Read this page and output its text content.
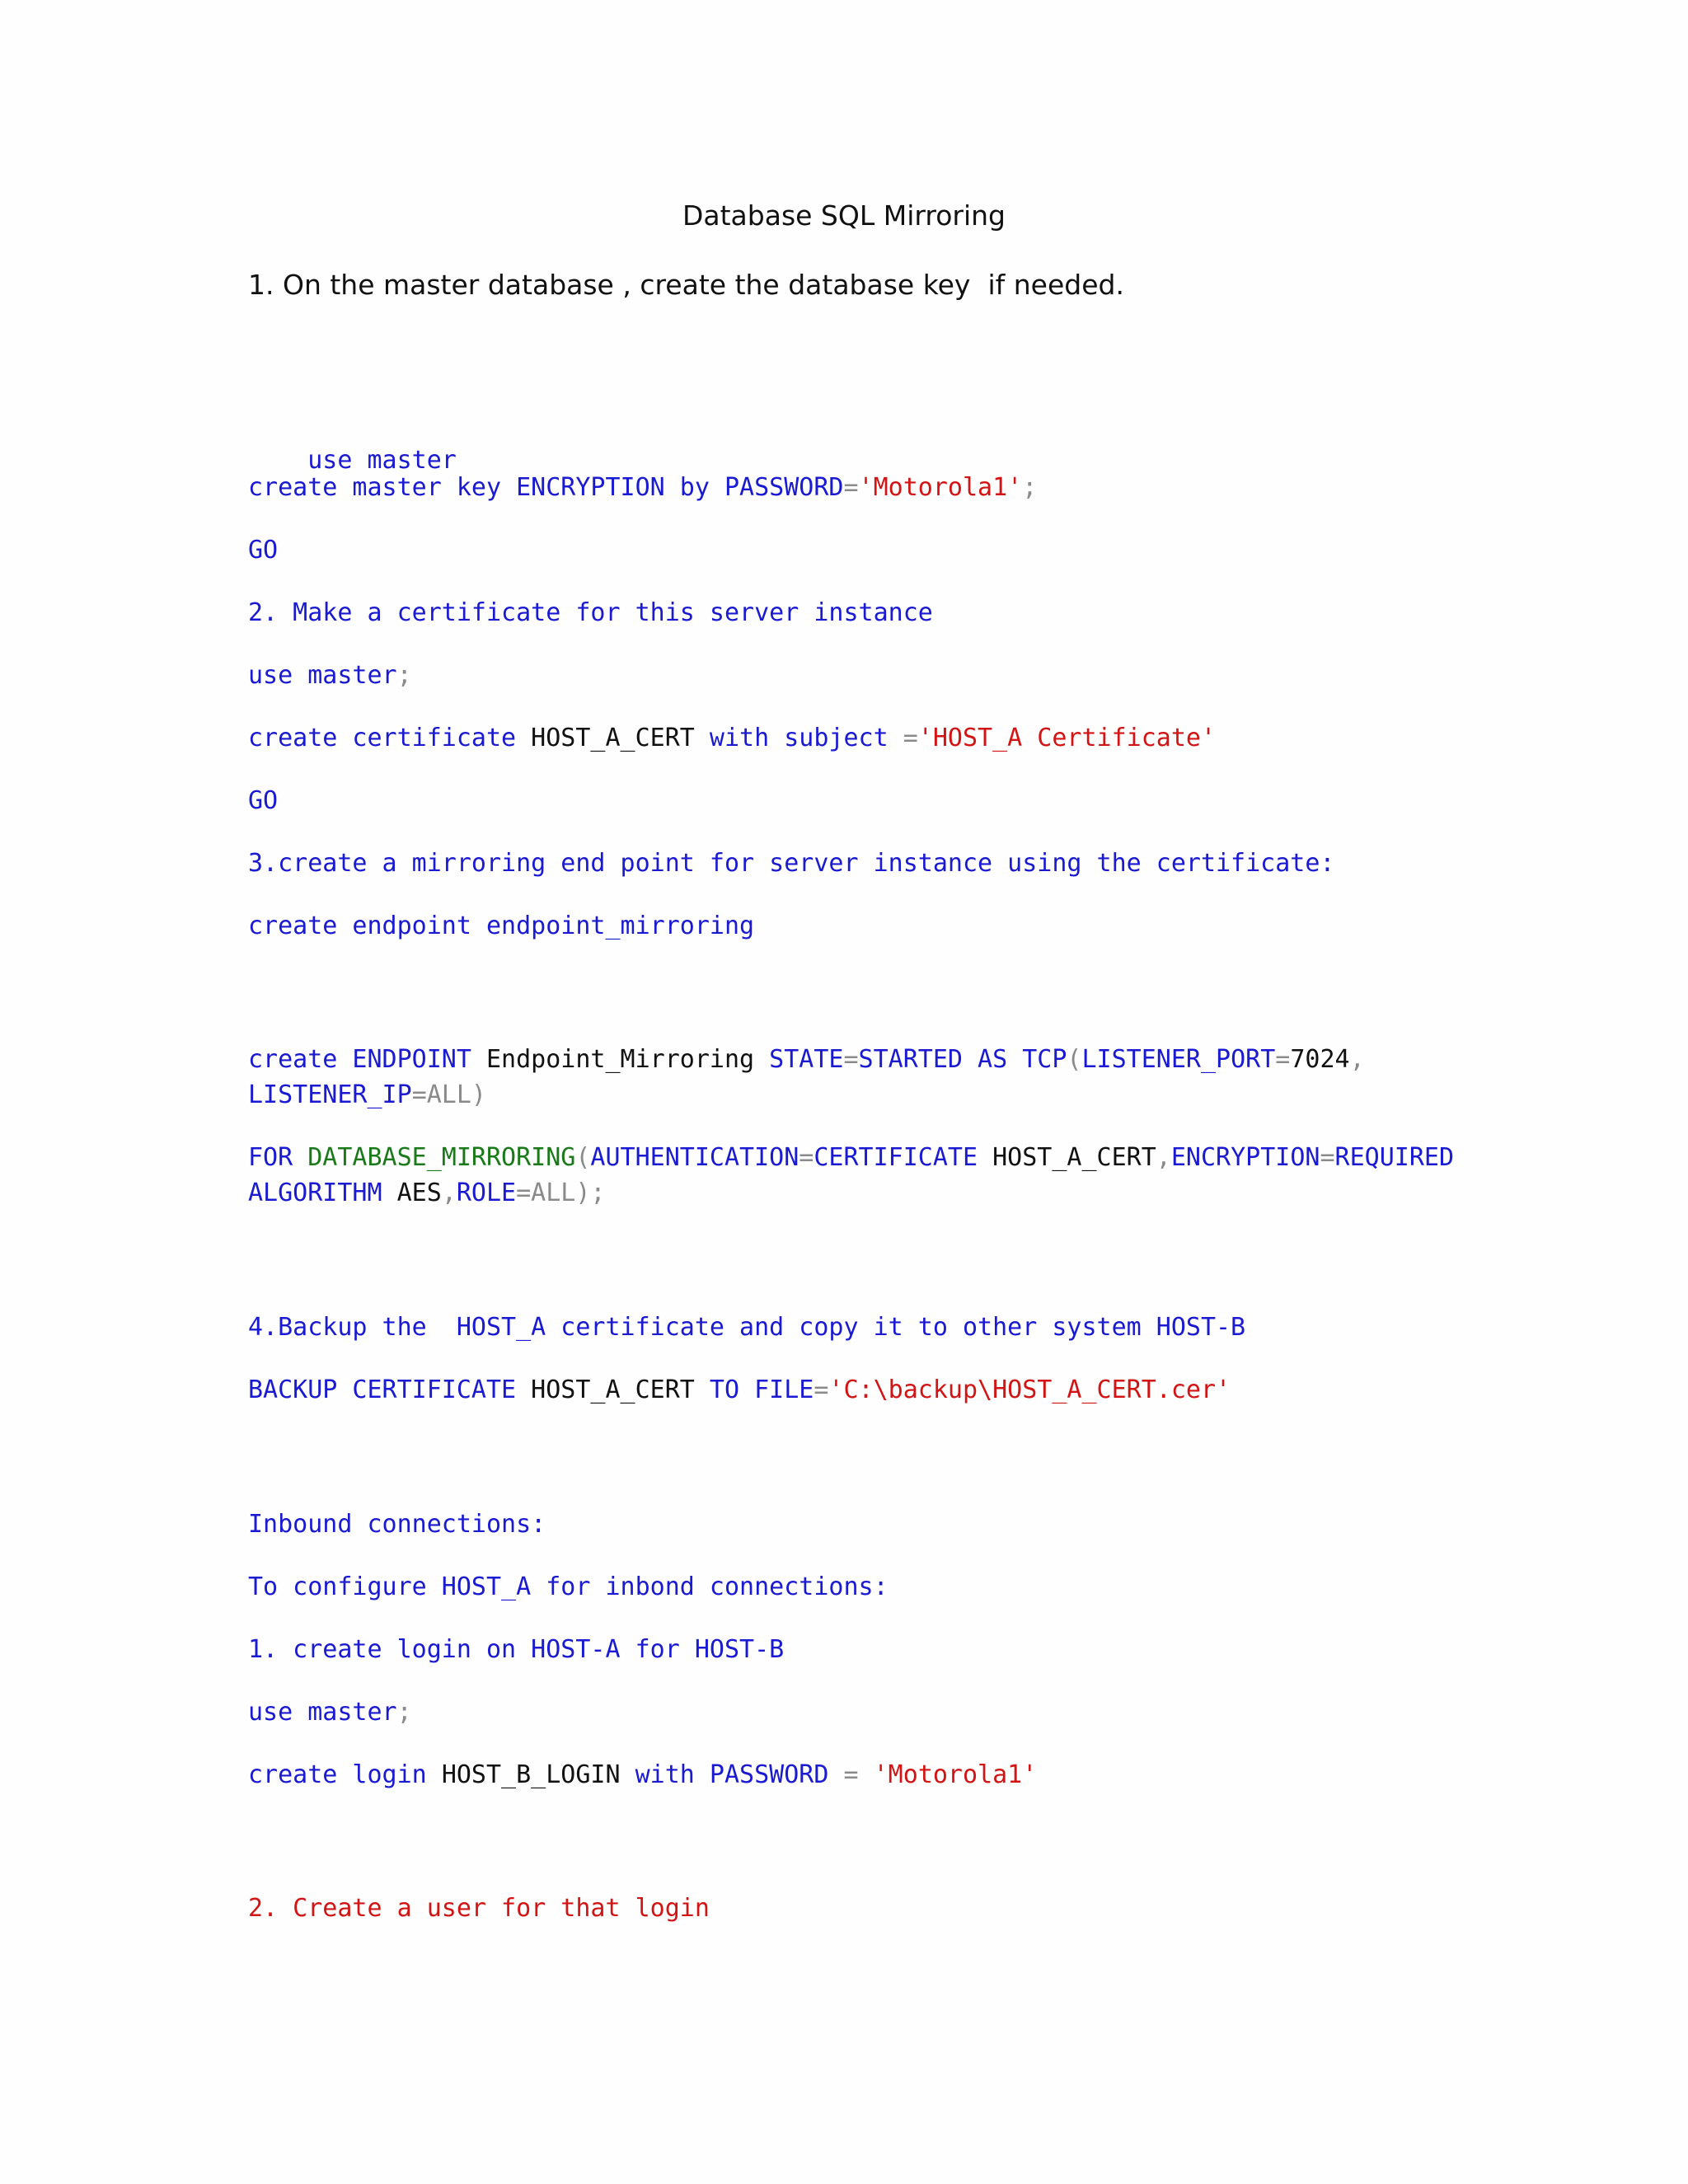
Database SQL Mirroring
1. On the master database , create the database key  if needed.

use master

create master key ENCRYPTION by PASSWORD='Motorola1';
GO
2. Make a certificate for this server instance
use master;
create certificate HOST_A_CERT with subject ='HOST_A Certificate'
GO
3.create a mirroring end point for server instance using the certificate:
create endpoint endpoint_mirroring
create ENDPOINT Endpoint_Mirroring STATE=STARTED AS TCP(LISTENER_PORT=7024,
LISTENER_IP=ALL)
FOR DATABASE_MIRRORING(AUTHENTICATION=CERTIFICATE HOST_A_CERT,ENCRYPTION=REQUIRED
ALGORITHM AES,ROLE=ALL);
4.Backup the  HOST_A certificate and copy it to other system HOST-B
BACKUP CERTIFICATE HOST_A_CERT TO FILE='C:\backup\HOST_A_CERT.cer'
Inbound connections:
To configure HOST_A for inbond connections:
1. create login on HOST-A for HOST-B
use master;
create login HOST_B_LOGIN with PASSWORD = 'Motorola1'
2. Create a user for that login
